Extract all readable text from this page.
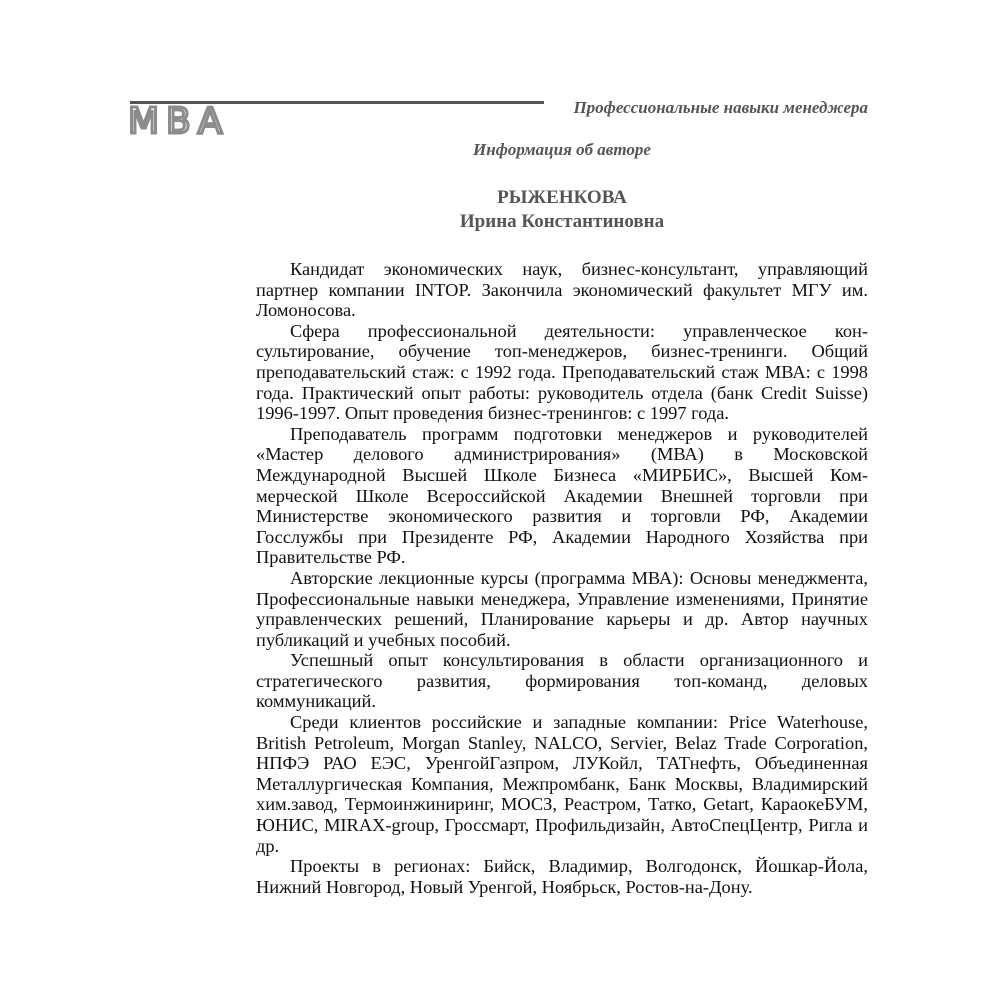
MBA	Профессиональные навыки менеджера
Информация об авторе
РЫЖЕНКОВА
Ирина Константиновна

Кандидат экономических наук, бизнес-консультант, управляющий партнер компании INTOP. Закончила экономический факультет МГУ им. Ломоносова.

Сфера профессиональной деятельности: управленческое консультирование, обучение топ-менеджеров, бизнес-тренинги. Общий преподавательский стаж: с 1992 года. Преподавательский стаж МВА: с 1998 года. Практический опыт работы: руководитель отдела (банк Credit Suisse) 1996-1997. Опыт проведения бизнес-тренингов: с 1997 года.

Преподаватель программ подготовки менеджеров и руководителей «Мастер делового администрирования» (МВА) в Московской Международной Высшей Школе Бизнеса «МИРБИС», Высшей Коммерческой Школе Всероссийской Академии Внешней торговли при Министерстве экономического развития и торговли РФ, Академии Госслужбы при Президенте РФ, Академии Народного Хозяйства при Правительстве РФ.

Авторские лекционные курсы (программа МВА): Основы менеджмента, Профессиональные навыки менеджера, Управление изменениями, Принятие управленческих решений, Планирование карьеры и др. Автор научных публикаций и учебных пособий.

Успешный опыт консультирования в области организационного и стратегического развития, формирования топ-команд, деловых коммуникаций.

Среди клиентов российские и западные компании: Price Waterhouse, British Petroleum, Morgan Stanley, NALCO, Servier, Belaz Trade Corporation, НПФЭ РАО ЕЭС, УренгойГазпром, ЛУКойл, ТАТнефть, Объединенная Металлургическая Компания, Межпромбанк, Банк Москвы, Владимирский хим.завод, Термоинжиниринг, МОСЗ, Реастром, Татко, Getart, КараокеБУМ, ЮНИС, MIRAX-group, Гроссмарт, Профильдизайн, АвтоСпецЦентр, Ригла и др.

Проекты в регионах: Бийск, Владимир, Волгодонск, Йошкар-Йола, Нижний Новгород, Новый Уренгой, Ноябрьск, Ростов-на-Дону.
